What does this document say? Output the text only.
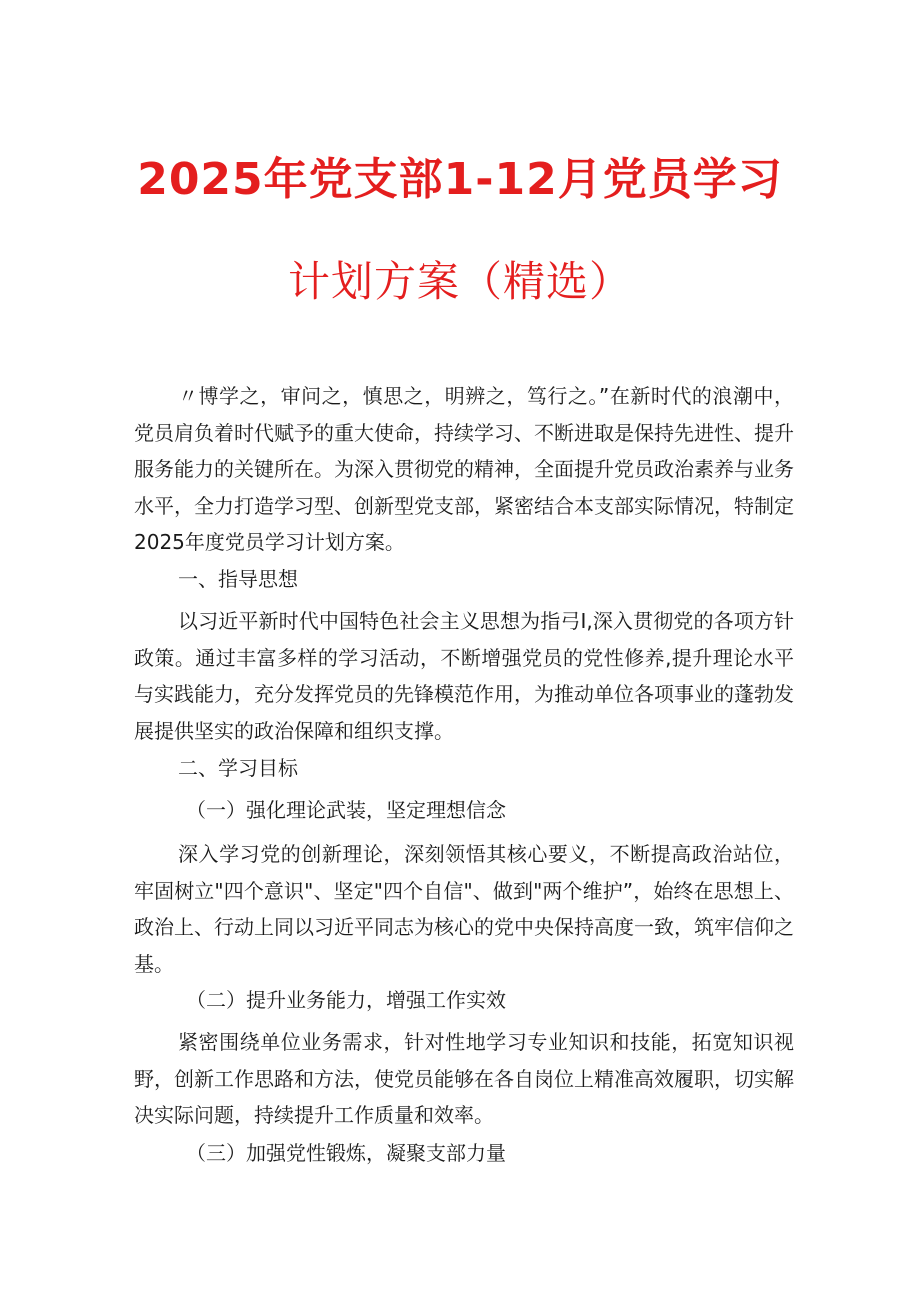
2025年党支部1-12月党员学习
计划方案（精选）

〃博学之，审问之，慎思之，明辨之，笃行之。”在新时代的浪潮中，党员肩负着时代赋予的重大使命，持续学习、不断进取是保持先进性、提升服务能力的关键所在。为深入贯彻党的精神，全面提升党员政治素养与业务水平，全力打造学习型、创新型党支部，紧密结合本支部实际情况，特制定2025年度党员学习计划方案。

一、指导思想

以习近平新时代中国特色社会主义思想为指弓I,深入贯彻党的各项方针政策。通过丰富多样的学习活动，不断增强党员的党性修养,提升理论水平与实践能力，充分发挥党员的先锋模范作用，为推动单位各项事业的蓬勃发展提供坚实的政治保障和组织支撑。

二、学习目标
（一）强化理论武装，坚定理想信念

深入学习党的创新理论，深刻领悟其核心要义，不断提高政治站位，牢固树立"四个意识"、坚定"四个自信"、做到"两个维护”，始终在思想上、政治上、行动上同以习近平同志为核心的党中央保持高度一致，筑牢信仰之基。

（二）提升业务能力，增强工作实效

紧密围绕单位业务需求，针对性地学习专业知识和技能，拓宽知识视野，创新工作思路和方法，使党员能够在各自岗位上精准高效履职，切实解决实际问题，持续提升工作质量和效率。

（三）加强党性锻炼，凝聚支部力量
